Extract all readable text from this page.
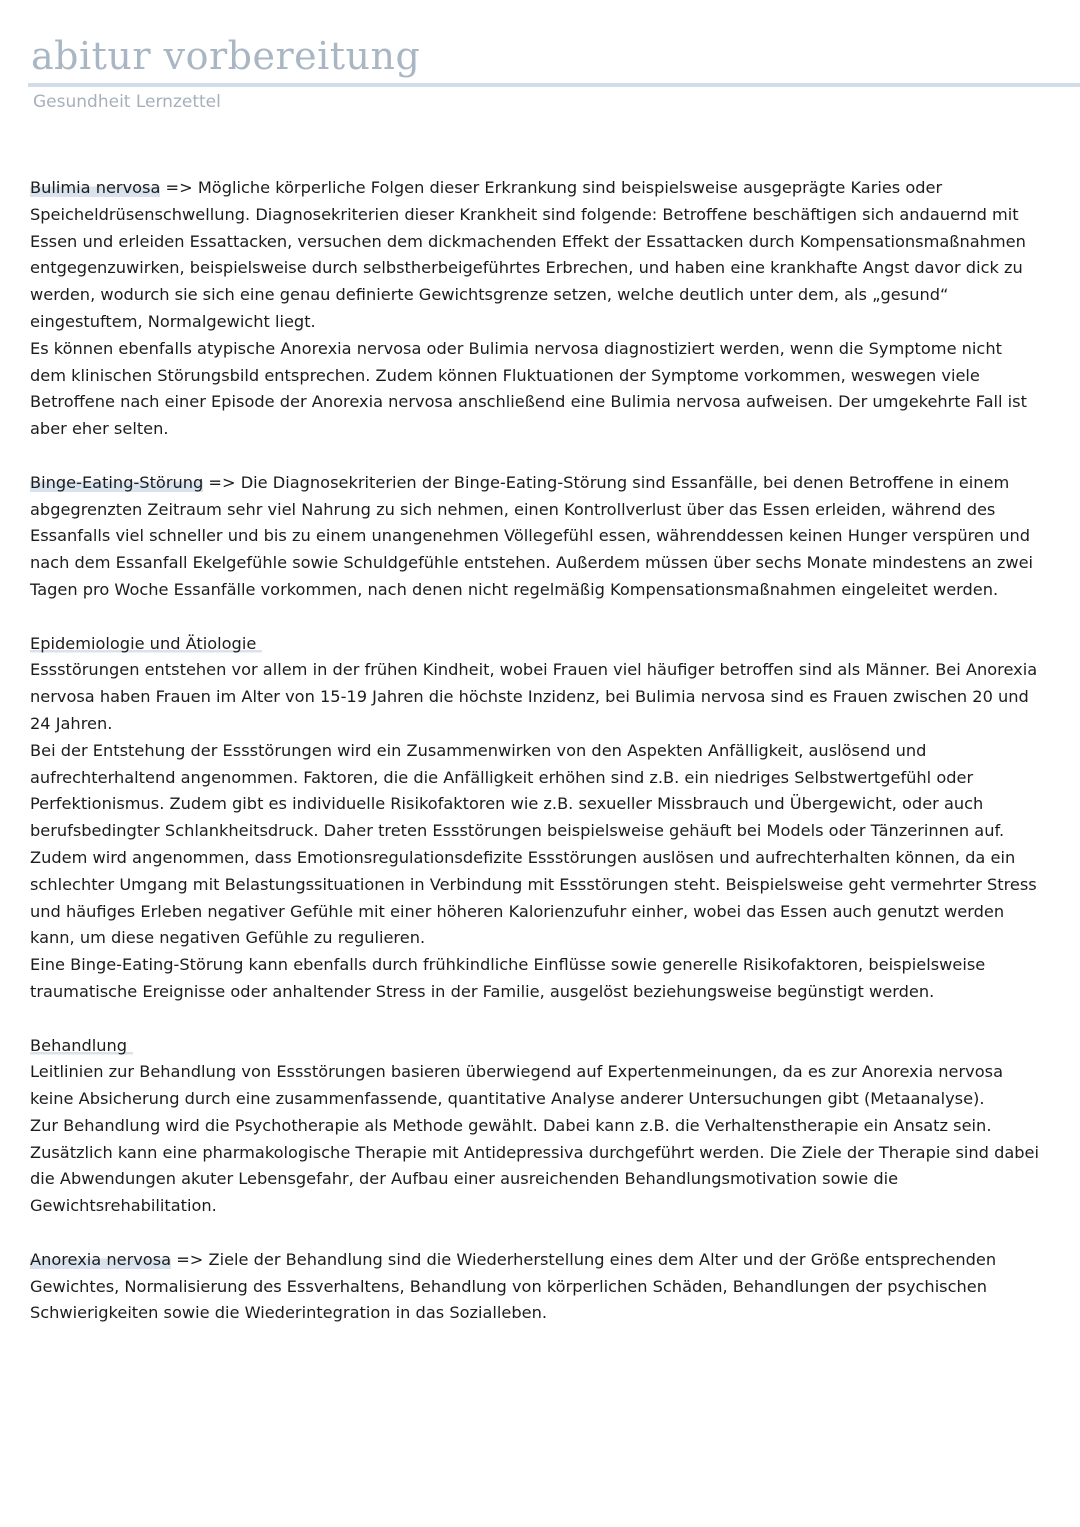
abitur vorbereitung
Gesundheit Lernzettel

Bulimia nervosa => Mögliche körperliche Folgen dieser Erkrankung sind beispielsweise ausgeprägte Karies oder Speicheldrüsenschwellung. Diagnosekriterien dieser Krankheit sind folgende: Betroffene beschäftigen sich andauernd mit Essen und erleiden Essattacken, versuchen dem dickmachenden Effekt der Essattacken durch Kompensationsmaßnahmen entgegenzuwirken, beispielsweise durch selbstherbeigeführtes Erbrechen, und haben eine krankhafte Angst davor dick zu werden, wodurch sie sich eine genau definierte Gewichtsgrenze setzen, welche deutlich unter dem, als „gesund“ eingestuftem, Normalgewicht liegt.

Es können ebenfalls atypische Anorexia nervosa oder Bulimia nervosa diagnostiziert werden, wenn die Symptome nicht dem klinischen Störungsbild entsprechen. Zudem können Fluktuationen der Symptome vorkommen, weswegen viele Betroffene nach einer Episode der Anorexia nervosa anschließend eine Bulimia nervosa aufweisen. Der umgekehrte Fall ist aber eher selten.

Binge-Eating-Störung => Die Diagnosekriterien der Binge-Eating-Störung sind Essanfälle, bei denen Betroffene in einem abgegrenzten Zeitraum sehr viel Nahrung zu sich nehmen, einen Kontrollverlust über das Essen erleiden, während des Essanfalls viel schneller und bis zu einem unangenehmen Völlegefühl essen, währenddessen keinen Hunger verspüren und nach dem Essanfall Ekelgefühle sowie Schuldgefühle entstehen. Außerdem müssen über sechs Monate mindestens an zwei Tagen pro Woche Essanfälle vorkommen, nach denen nicht regelmäßig Kompensationsmaßnahmen eingeleitet werden.

Epidemiologie und Ätiologie

Essstörungen entstehen vor allem in der frühen Kindheit, wobei Frauen viel häufiger betroffen sind als Männer. Bei Anorexia nervosa haben Frauen im Alter von 15-19 Jahren die höchste Inzidenz, bei Bulimia nervosa sind es Frauen zwischen 20 und 24 Jahren.

Bei der Entstehung der Essstörungen wird ein Zusammenwirken von den Aspekten Anfälligkeit, auslösend und aufrechterhaltend angenommen. Faktoren, die die Anfälligkeit erhöhen sind z.B. ein niedriges Selbstwertgefühl oder Perfektionismus. Zudem gibt es individuelle Risikofaktoren wie z.B. sexueller Missbrauch und Übergewicht, oder auch berufsbedingter Schlankheitsdruck. Daher treten Essstörungen beispielsweise gehäuft bei Models oder Tänzerinnen auf. Zudem wird angenommen, dass Emotionsregulationsdefizite Essstörungen auslösen und aufrechterhalten können, da ein schlechter Umgang mit Belastungssituationen in Verbindung mit Essstörungen steht. Beispielsweise geht vermehrter Stress und häufiges Erleben negativer Gefühle mit einer höheren Kalorienzufuhr einher, wobei das Essen auch genutzt werden kann, um diese negativen Gefühle zu regulieren.

Eine Binge-Eating-Störung kann ebenfalls durch frühkindliche Einflüsse sowie generelle Risikofaktoren, beispielsweise traumatische Ereignisse oder anhaltender Stress in der Familie, ausgelöst beziehungsweise begünstigt werden.

Behandlung

Leitlinien zur Behandlung von Essstörungen basieren überwiegend auf Expertenmeinungen, da es zur Anorexia nervosa keine Absicherung durch eine zusammenfassende, quantitative Analyse anderer Untersuchungen gibt (Metaanalyse).

Zur Behandlung wird die Psychotherapie als Methode gewählt. Dabei kann z.B. die Verhaltenstherapie ein Ansatz sein. Zusätzlich kann eine pharmakologische Therapie mit Antidepressiva durchgeführt werden. Die Ziele der Therapie sind dabei die Abwendungen akuter Lebensgefahr, der Aufbau einer ausreichenden Behandlungsmotivation sowie die Gewichtsrehabilitation.

Anorexia nervosa => Ziele der Behandlung sind die Wiederherstellung eines dem Alter und der Größe entsprechenden Gewichtes, Normalisierung des Essverhaltens, Behandlung von körperlichen Schäden, Behandlungen der psychischen Schwierigkeiten sowie die Wiederintegration in das Sozialleben.
